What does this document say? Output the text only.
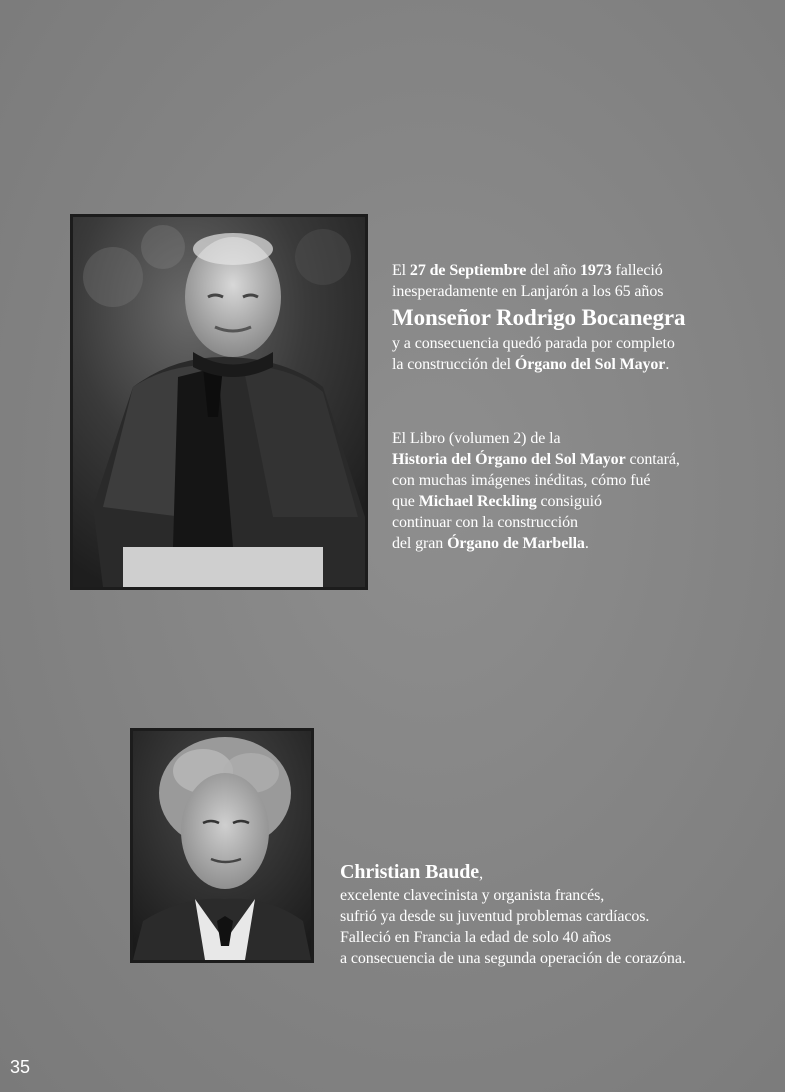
El 27 de Septiembre del año 1973 falleció
inesperadamente en Lanjarón a los 65 años
Monseñor Rodrigo Bocanegra
y a consecuencia quedó parada por completo
la construcción del Órgano del Sol Mayor.
El Libro (volumen 2) de la
Historia del Órgano del Sol Mayor contará,
con muchas imágenes inéditas, cómo fué
que Michael Reckling consiguió
continuar con la construcción
del gran Órgano de Marbella.
Christian Baude,
excelente clavecinista y organista francés,
sufrió ya desde su juventud problemas cardíacos.
Falleció en Francia la edad de solo 40 años
a consecuencia de una segunda operación de corazóna.
35
